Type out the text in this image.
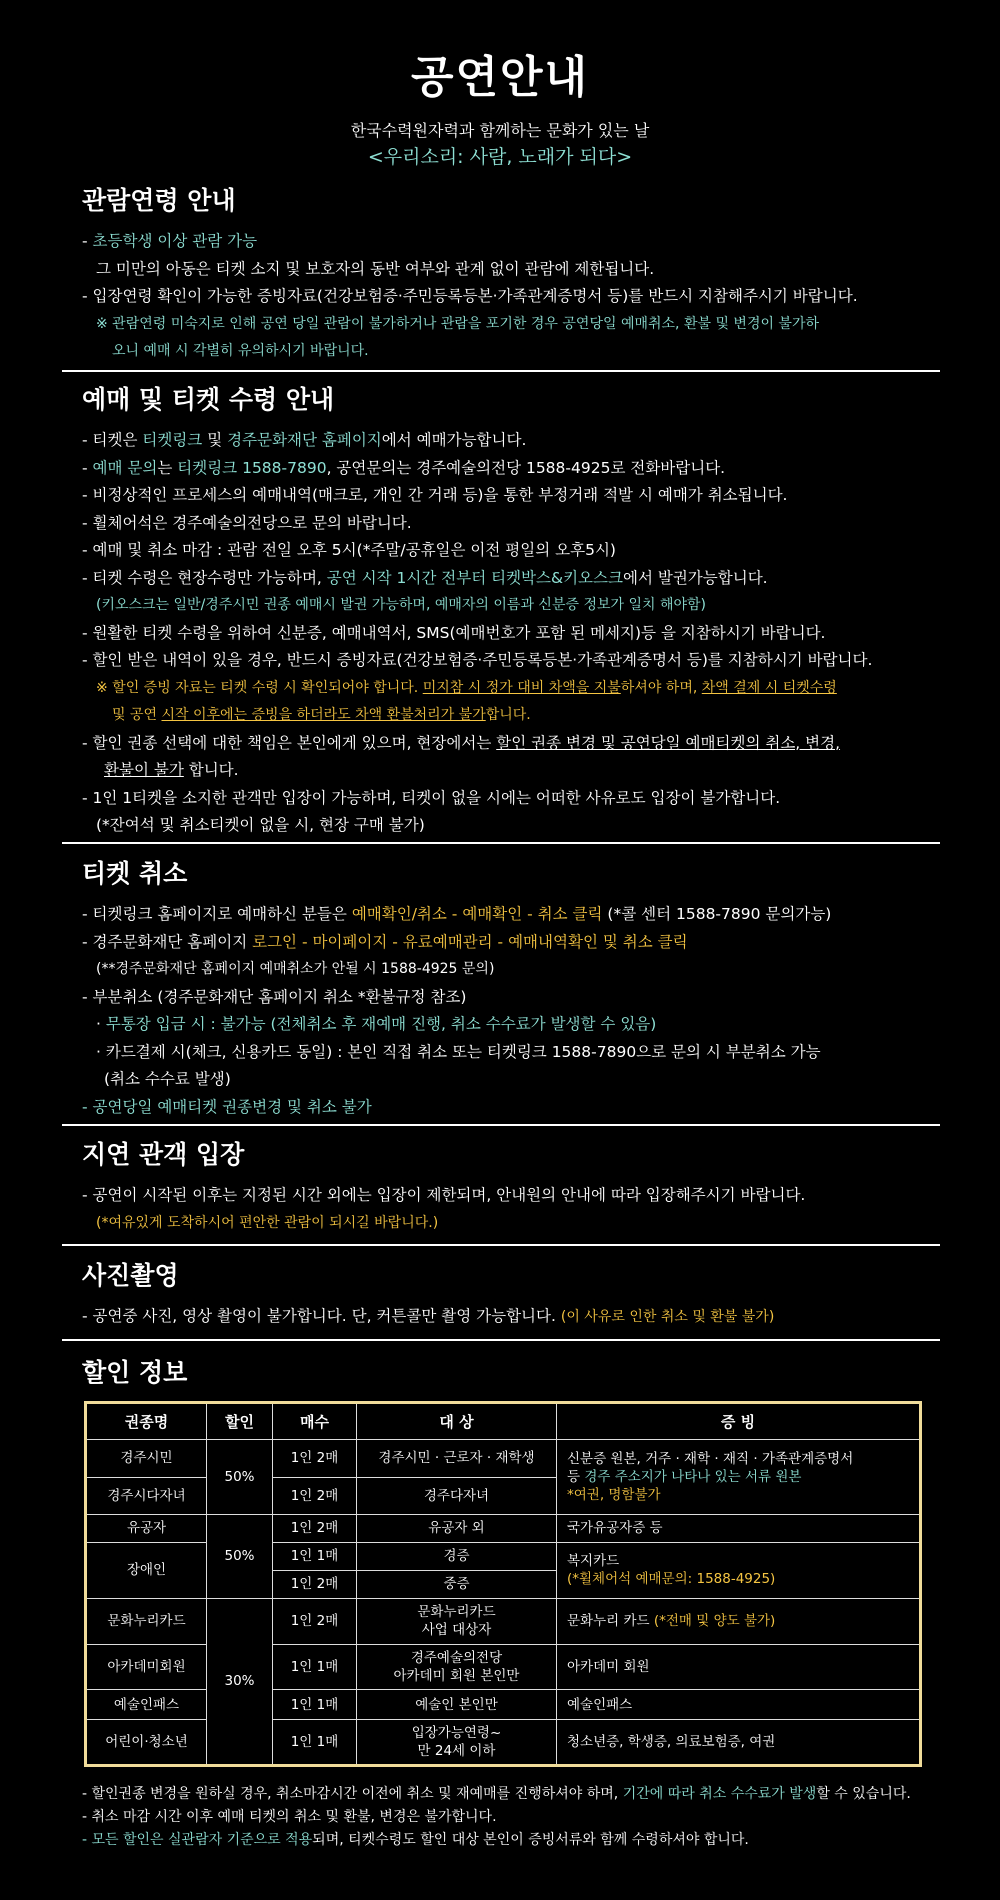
공연안내
한국수력원자력과 함께하는 문화가 있는 날
<우리소리: 사람, 노래가 되다>
관람연령 안내
- 초등학생 이상 관람 가능
그 미만의 아동은 티켓 소지 및 보호자의 동반 여부와 관계 없이 관람에 제한됩니다.
- 입장연령 확인이 가능한 증빙자료(건강보험증·주민등록등본·가족관계증명서 등)를 반드시 지참해주시기 바랍니다.
※ 관람연령 미숙지로 인해 공연 당일 관람이 불가하거나 관람을 포기한 경우 공연당일 예매취소, 환불 및 변경이 불가하
오니 예매 시 각별히 유의하시기 바랍니다.
예매 및 티켓 수령 안내
- 티켓은 티켓링크 및 경주문화재단 홈페이지에서 예매가능합니다.
- 예매 문의는 티켓링크 1588-7890, 공연문의는 경주예술의전당 1588-4925로 전화바랍니다.
- 비정상적인 프로세스의 예매내역(매크로, 개인 간 거래 등)을 통한 부정거래 적발 시 예매가 취소됩니다.
- 휠체어석은 경주예술의전당으로 문의 바랍니다.
- 예매 및 취소 마감 : 관람 전일 오후 5시(*주말/공휴일은 이전 평일의 오후5시)
- 티켓 수령은 현장수령만 가능하며, 공연 시작 1시간 전부터 티켓박스&키오스크에서 발권가능합니다.
(키오스크는 일반/경주시민 권종 예매시 발권 가능하며, 예매자의 이름과 신분증 정보가 일치 해야함)
- 원활한 티켓 수령을 위하여 신분증, 예매내역서, SMS(예매번호가 포함 된 메세지)등 을 지참하시기 바랍니다.
- 할인 받은 내역이 있을 경우, 반드시 증빙자료(건강보험증·주민등록등본·가족관계증명서 등)를 지참하시기 바랍니다.
※ 할인 증빙 자료는 티켓 수령 시 확인되어야 합니다. 미지참 시 정가 대비 차액을 지불하셔야 하며, 차액 결제 시 티켓수령
및 공연 시작 이후에는 증빙을 하더라도 차액 환불처리가 불가합니다.
- 할인 권종 선택에 대한 책임은 본인에게 있으며, 현장에서는 할인 권종 변경 및 공연당일 예매티켓의 취소, 변경,
환불이 불가 합니다.
- 1인 1티켓을 소지한 관객만 입장이 가능하며, 티켓이 없을 시에는 어떠한 사유로도 입장이 불가합니다.
(*잔여석 및 취소티켓이 없을 시, 현장 구매 불가)
티켓 취소
- 티켓링크 홈페이지로 예매하신 분들은 예매확인/취소 - 예매확인 - 취소 클릭 (*콜 센터 1588-7890 문의가능)
- 경주문화재단 홈페이지 로그인 - 마이페이지 - 유료예매관리 - 예매내역확인 및 취소 클릭
(**경주문화재단 홈페이지 예매취소가 안될 시 1588-4925 문의)
- 부분취소 (경주문화재단 홈페이지 취소 *환불규정 참조)
· 무통장 입금 시 : 불가능 (전체취소 후 재예매 진행, 취소 수수료가 발생할 수 있음)
· 카드결제 시(체크, 신용카드 동일) : 본인 직접 취소 또는 티켓링크 1588-7890으로 문의 시 부분취소 가능
(취소 수수료 발생)
- 공연당일 예매티켓 권종변경 및 취소 불가
지연 관객 입장
- 공연이 시작된 이후는 지정된 시간 외에는 입장이 제한되며, 안내원의 안내에 따라 입장해주시기 바랍니다.
(*여유있게 도착하시어 편안한 관람이 되시길 바랍니다.)
사진촬영
- 공연중 사진, 영상 촬영이 불가합니다. 단, 커튼콜만 촬영 가능합니다. (이 사유로 인한 취소 및 환불 불가)
할인 정보
권종명	할인	매수	대 상	증 빙
경주시민	50%	1인 2매	경주시민 · 근로자 · 재학생	신분증 원본, 거주 · 재학 · 재직 · 가족관계증명서
등 경주 주소지가 나타나 있는 서류 원본
*여권, 명함불가

경주시다자녀		1인 2매	경주다자녀	
유공자	50%	1인 2매	유공자 외	국가유공자증 등
장애인		1인 1매	경증	복지카드
(*휠체어석 예매문의: 1588-4925)

		1인 2매	중증	
문화누리카드	30%	1인 2매	문화누리카드
사업 대상자	문화누리 카드 (*전매 및 양도 불가)
아카데미회원		1인 1매	경주예술의전당
아카데미 회원 본인만	아카데미 회원
예술인패스		1인 1매	예술인 본인만	예술인패스
어린이·청소년		1인 1매	입장가능연령~
만 24세 이하	청소년증, 학생증, 의료보험증, 여권
- 할인권종 변경을 원하실 경우, 취소마감시간 이전에 취소 및 재예매를 진행하셔야 하며, 기간에 따라 취소 수수료가 발생할 수 있습니다.
- 취소 마감 시간 이후 예매 티켓의 취소 및 환불, 변경은 불가합니다.
- 모든 할인은 실관람자 기준으로 적용되며, 티켓수령도 할인 대상 본인이 증빙서류와 함께 수령하셔야 합니다.
